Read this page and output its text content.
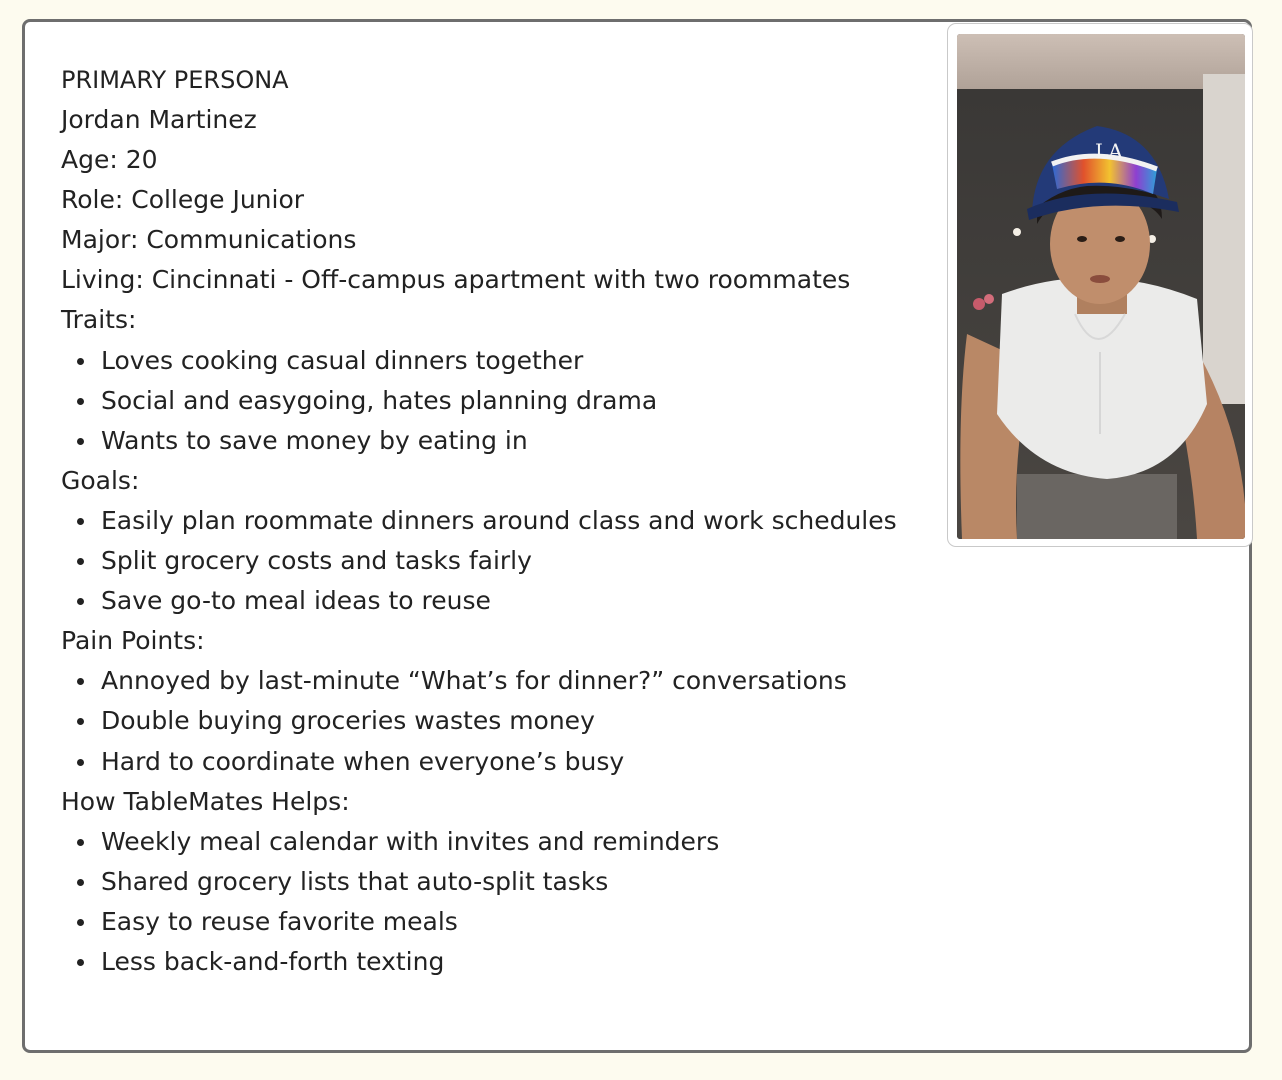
PRIMARY PERSONA

Jordan Martinez

Age: 20

Role: College Junior

Major: Communications

Living: Cincinnati - Off-campus apartment with two roommates

Traits:

Loves cooking casual dinners together
Social and easygoing, hates planning drama
Wants to save money by eating in

Goals:

Easily plan roommate dinners around class and work schedules
Split grocery costs and tasks fairly
Save go-to meal ideas to reuse

Pain Points:

Annoyed by last-minute “What’s for dinner?” conversations
Double buying groceries wastes money
Hard to coordinate when everyone’s busy

How TableMates Helps:

Weekly meal calendar with invites and reminders
Shared grocery lists that auto-split tasks
Easy to reuse favorite meals
Less back-and-forth texting
LA
